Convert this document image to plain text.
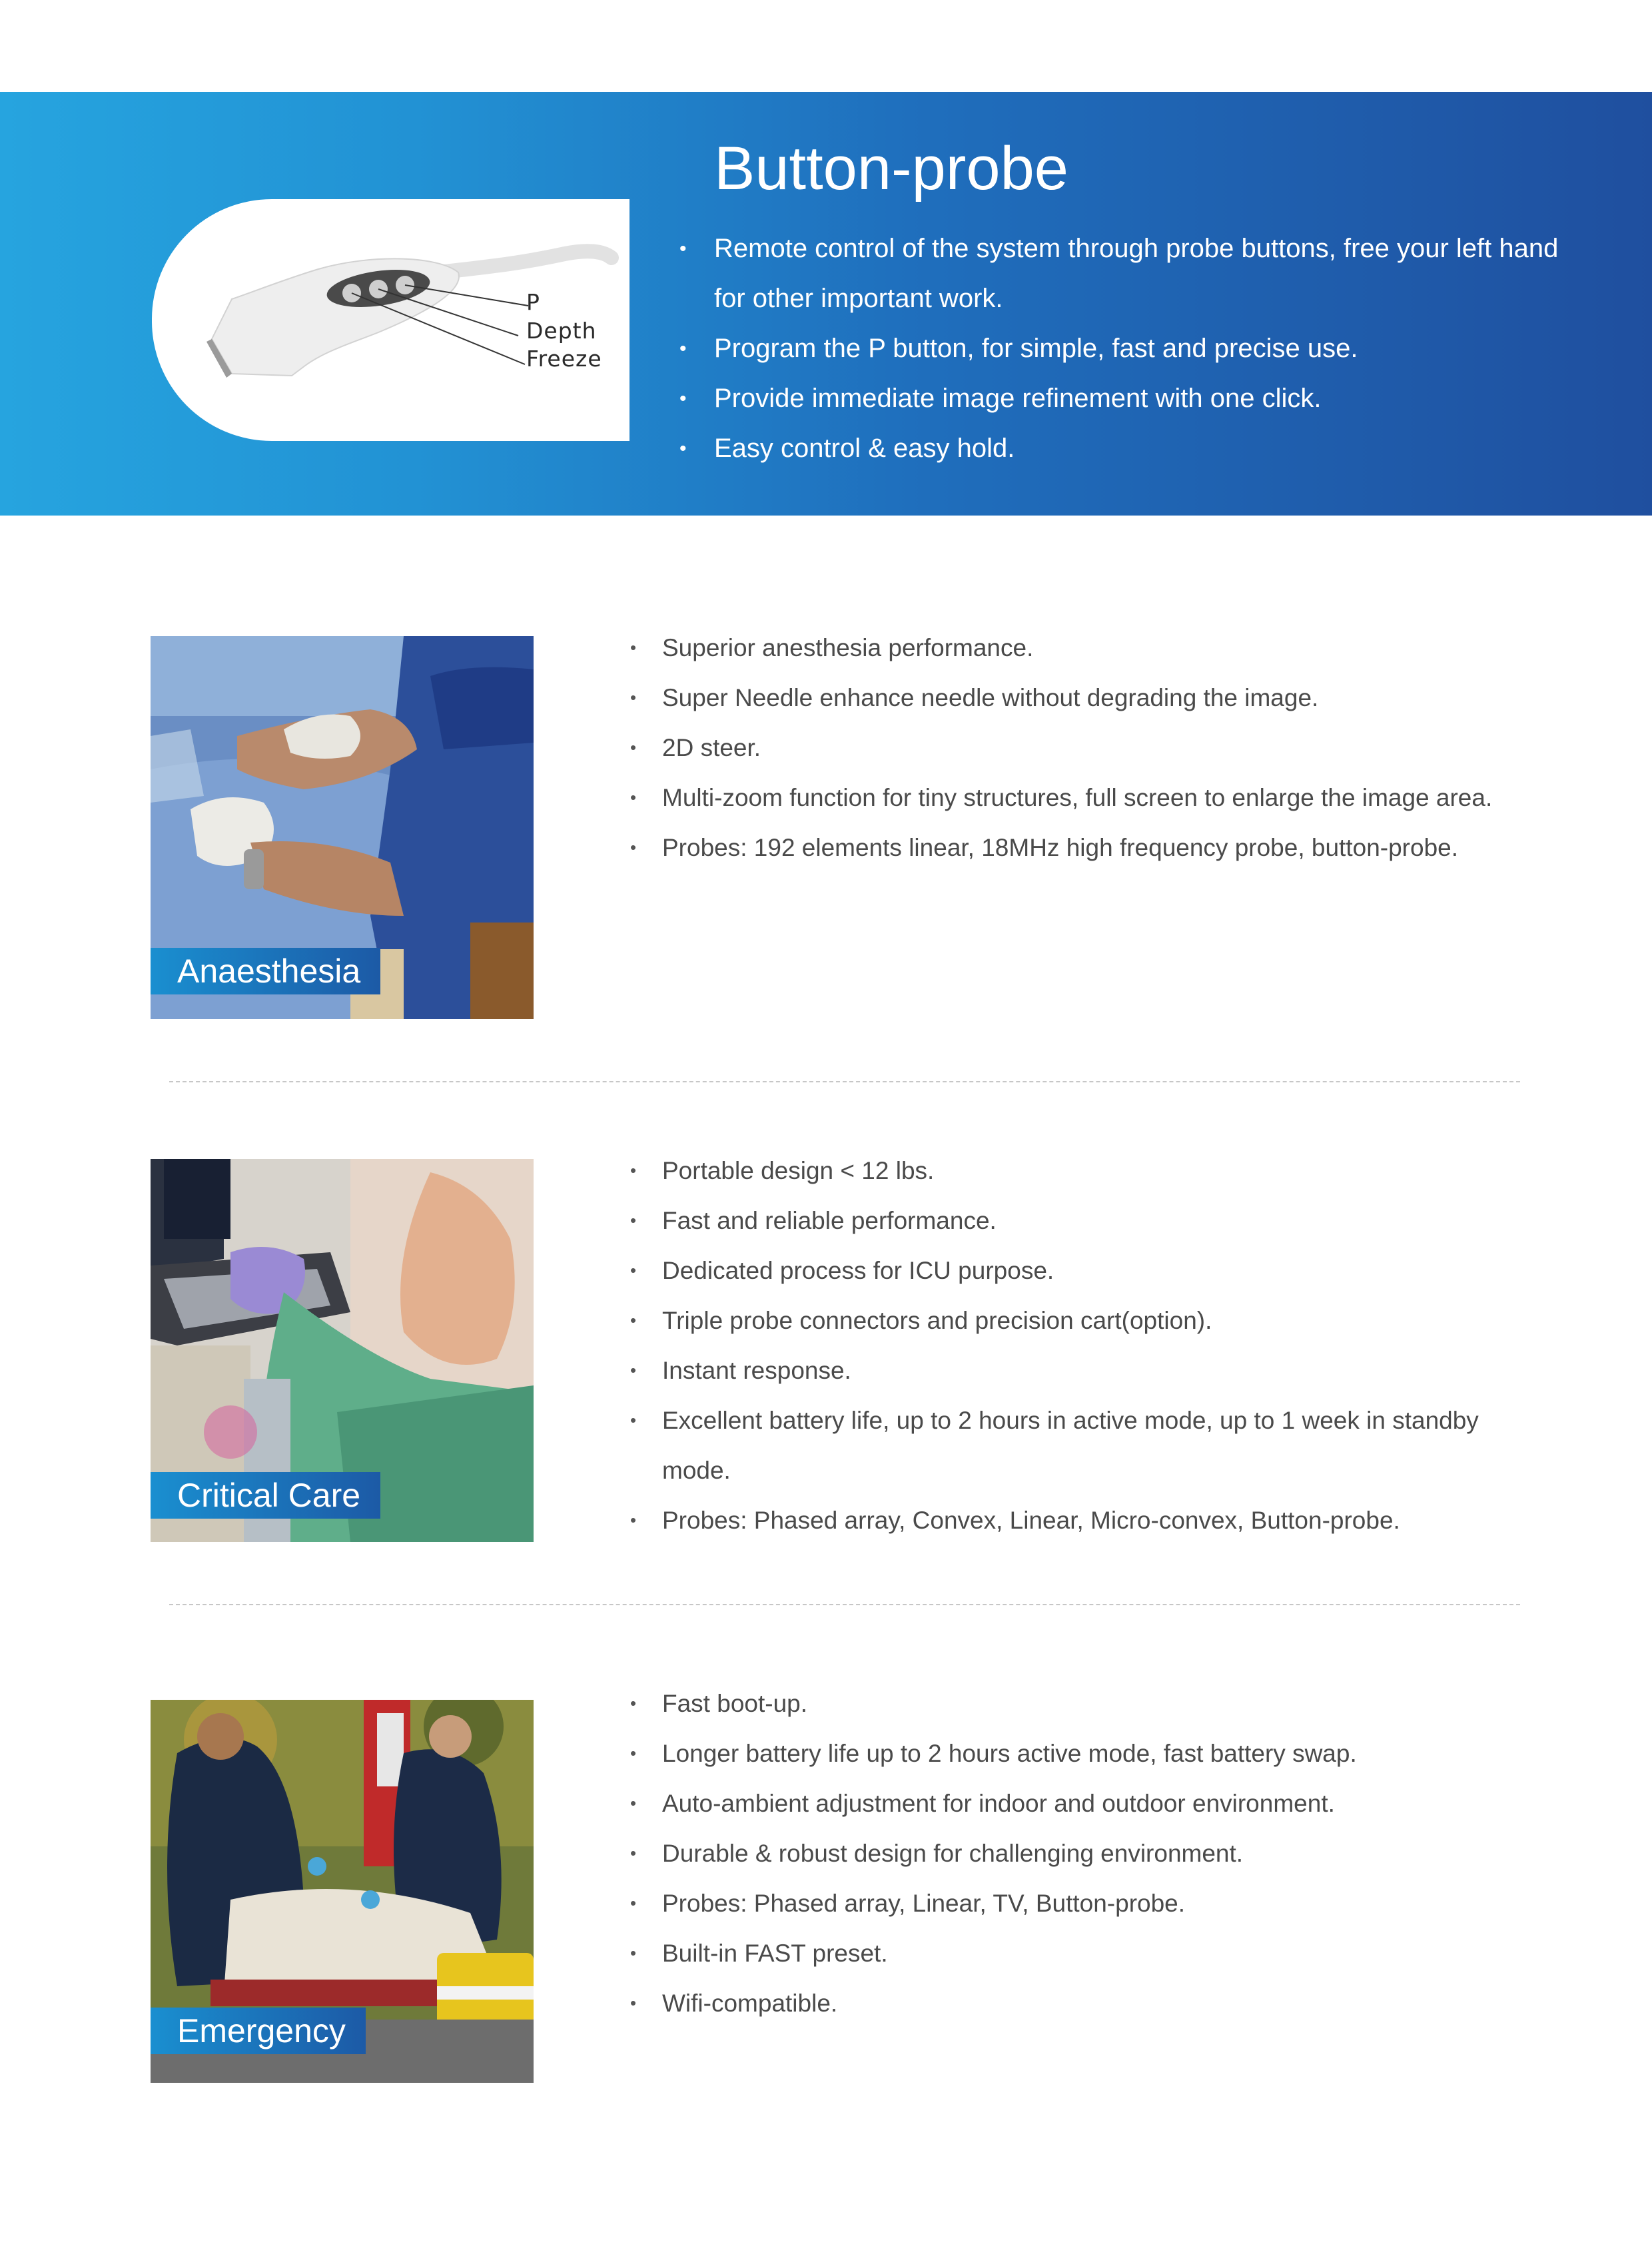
P
Depth
Freeze
Button-probe
• Remote control of the system through probe buttons, free your left hand for other important work.
• Program the P button, for simple, fast and precise use.
• Provide immediate image refinement with one click.
• Easy control & easy hold.
Anaesthesia
• Superior anesthesia performance.
• Super Needle enhance needle without degrading the image.
• 2D steer.
• Multi-zoom function for tiny structures, full screen to enlarge the image area.
• Probes: 192 elements linear, 18MHz high frequency probe, button-probe.
Critical Care
• Portable design < 12 lbs.
• Fast and reliable performance.
• Dedicated process for ICU purpose.
• Triple probe connectors and precision cart(option).
• Instant response.
• Excellent battery life, up to 2 hours in active mode, up to 1 week in standby mode.
• Probes: Phased array, Convex, Linear, Micro-convex, Button-probe.
Emergency
• Fast boot-up.
• Longer battery life up to 2 hours active mode, fast battery swap.
• Auto-ambient adjustment for indoor and outdoor environment.
• Durable & robust design for challenging environment.
• Probes: Phased array, Linear, TV, Button-probe.
• Built-in FAST preset.
• Wifi-compatible.
